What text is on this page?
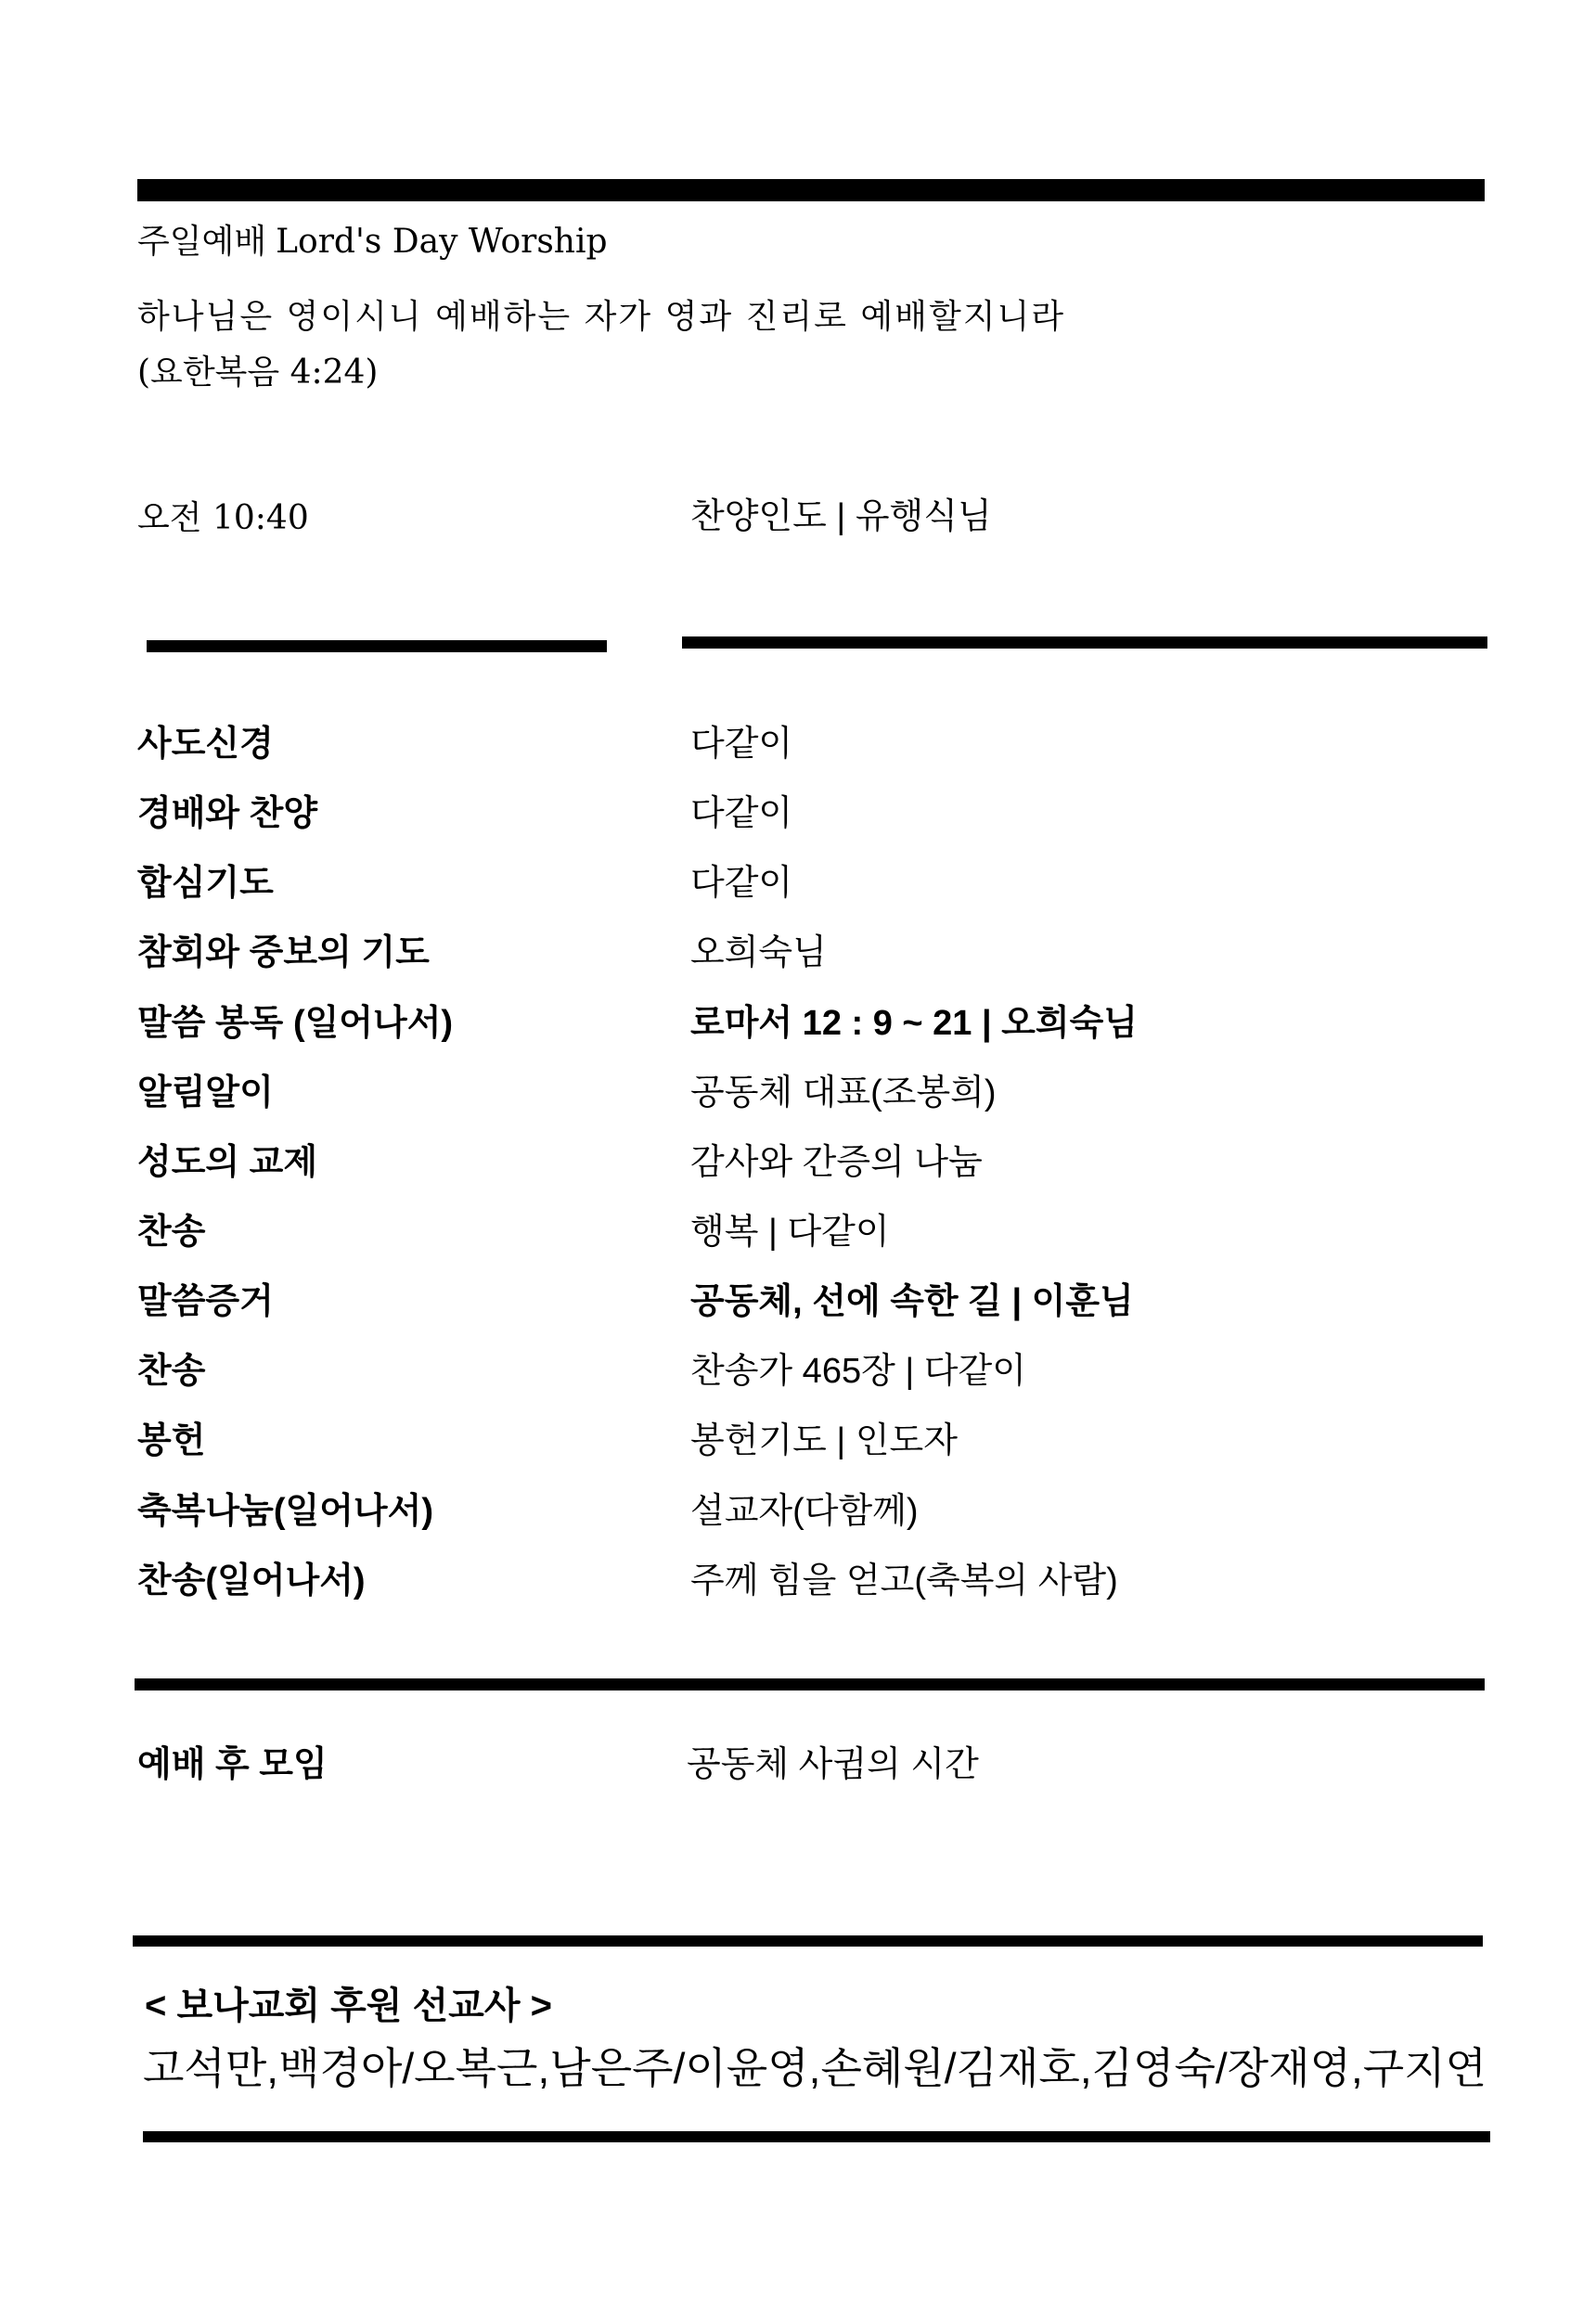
주일예배 Lord's Day Worship
하나님은 영이시니 예배하는 자가 영과 진리로 예배할지니라
(요한복음 4:24)
오전 10:40	찬양인도 | 유행식님
사도신경	다같이
경배와 찬양	다같이
합심기도	다같이
참회와 중보의 기도	오희숙님
말씀 봉독 (일어나서)	로마서 12 : 9 ~ 21 | 오희숙님
알림알이	공동체 대표(조봉희)
성도의 교제	감사와 간증의 나눔
찬송	행복 | 다같이
말씀증거	공동체, 선에 속한 길 | 이훈님
찬송	찬송가 465장 | 다같이
봉헌	봉헌기도 | 인도자
축복나눔(일어나서)	설교자(다함께)
찬송(일어나서)	주께 힘을 얻고(축복의 사람)
예배 후 모임	공동체 사귐의 시간
< 보나교회 후원 선교사 >
고석만,백경아/오복근,남은주/이윤영,손혜원/김재호,김영숙/장재영,구지연
